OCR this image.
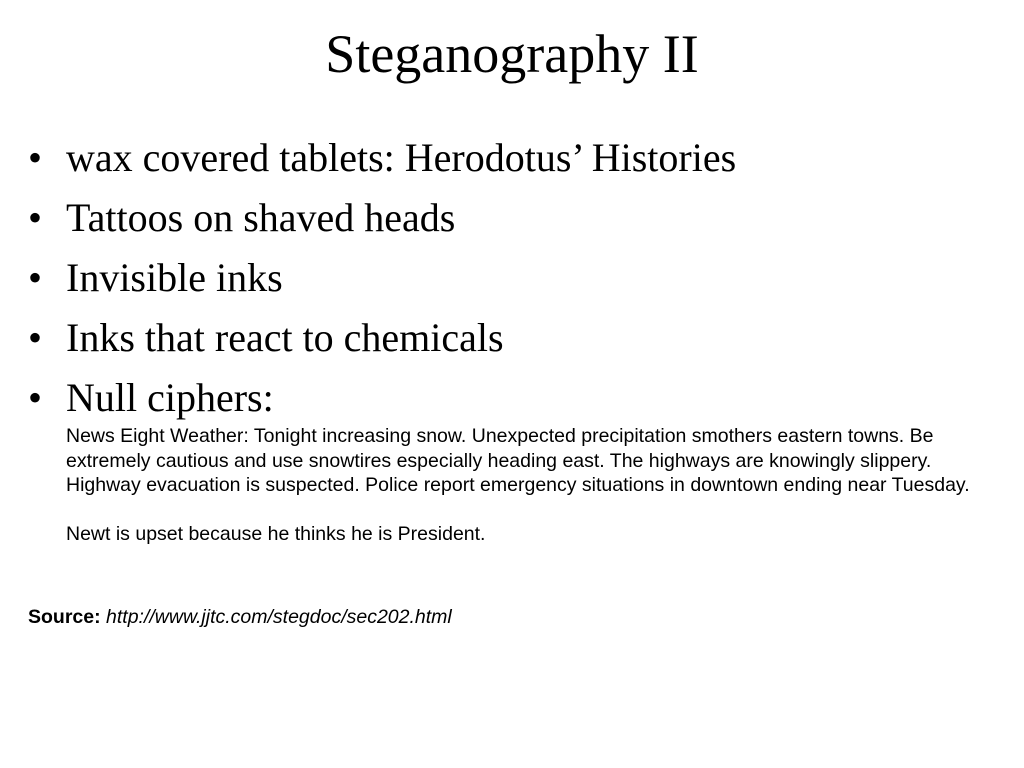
Steganography II
• wax covered tablets: Herodotus’ Histories
• Tattoos on shaved heads
• Invisible inks
• Inks that react to chemicals
• Null ciphers:

News Eight Weather: Tonight increasing snow. Unexpected precipitation smothers eastern towns. Be extremely cautious and use snowtires especially heading east. The highways are knowingly slippery. Highway evacuation is suspected. Police report emergency situations in downtown ending near Tuesday.

Newt is upset because he thinks he is President.

Source: http://www.jjtc.com/stegdoc/sec202.html
